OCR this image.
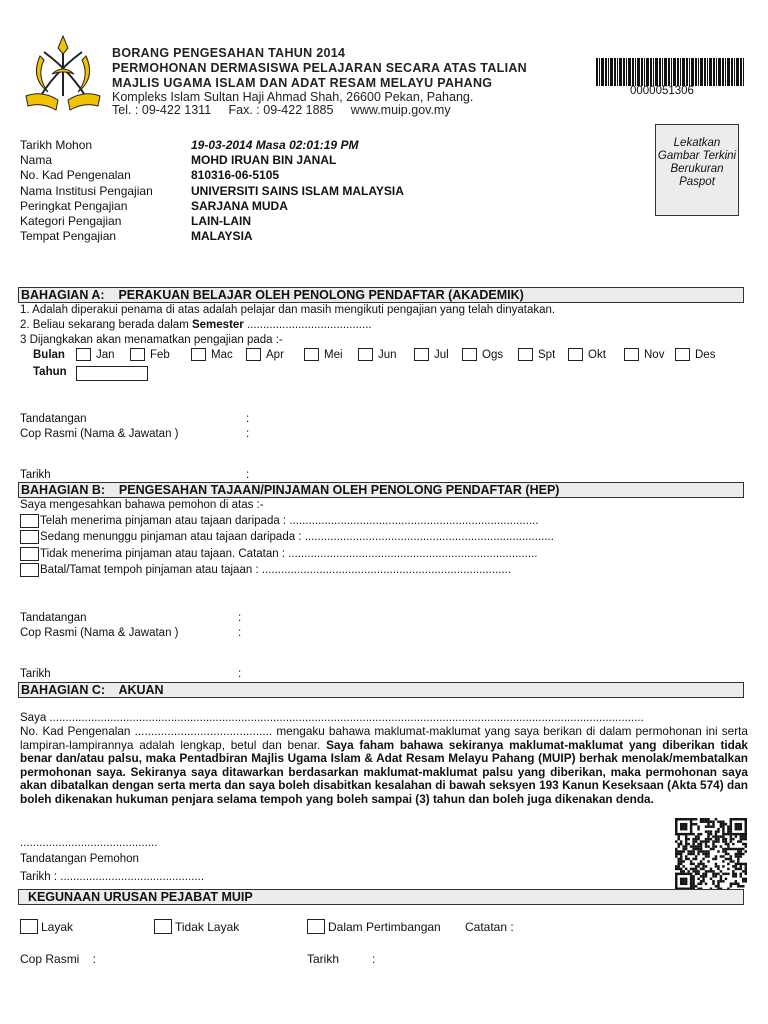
BORANG PENGESAHAN TAHUN 2014
PERMOHONAN DERMASISWA PELAJARAN SECARA ATAS TALIAN
MAJLIS UGAMA ISLAM DAN ADAT RESAM MELAYU PAHANG
Kompleks Islam Sultan Haji Ahmad Shah, 26600 Pekan, Pahang.
Tel. : 09-422 1311     Fax. : 09-422 1885     www.muip.gov.my
0000051306
Lekatkan Gambar Terkini Berukuran Paspot
Tarikh Mohon	19-03-2014 Masa 02:01:19 PM
Nama	MOHD IRUAN BIN JANAL
No. Kad Pengenalan	810316-06-5105
Nama Institusi Pengajian	UNIVERSITI SAINS ISLAM MALAYSIA
Peringkat Pengajian	SARJANA MUDA
Kategori Pengajian	LAIN-LAIN
Tempat Pengajian	MALAYSIA
BAHAGIAN A:    PERAKUAN BELAJAR OLEH PENOLONG PENDAFTAR (AKADEMIK)
1. Adalah diperakui penama di atas adalah pelajar dan masih mengikuti pengajian yang telah dinyatakan.
2. Beliau sekarang berada dalam Semester .......................................
3 Dijangkakan akan menamatkan pengajian pada :-
Bulan	Jan	Feb	Mac	Apr	Mei	Jun	Jul	Ogs	Spt	Okt	Nov	Des
Tahun
Tandatangan	:
Cop Rasmi (Nama & Jawatan )	:
Tarikh	:
BAHAGIAN B:    PENGESAHAN TAJAAN/PINJAMAN OLEH PENOLONG PENDAFTAR (HEP)
Saya mengesahkan bahawa pemohon di atas :-
Telah menerima pinjaman atau tajaan daripada : ..............................................................................
Sedang menunggu pinjaman atau tajaan daripada : ..............................................................................
Tidak menerima pinjaman atau tajaan. Catatan : ..............................................................................
Batal/Tamat tempoh pinjaman atau tajaan : ..............................................................................
Tandatangan	:
Cop Rasmi (Nama & Jawatan )	:
Tarikh	:
BAHAGIAN C:    AKUAN
Saya ..........................................................................................................................................................................................
No. Kad Pengenalan .......................................... mengaku bahawa maklumat-maklumat yang saya berikan di dalam permohonan ini serta lampiran-lampirannya adalah lengkap, betul dan benar. Saya faham bahawa sekiranya maklumat-maklumat yang diberikan tidak benar dan/atau palsu, maka Pentadbiran Majlis Ugama Islam & Adat Resam Melayu Pahang (MUIP) berhak menolak/membatalkan permohonan saya. Sekiranya saya ditawarkan berdasarkan maklumat-maklumat palsu yang diberikan, maka permohonan saya akan dibatalkan dengan serta merta dan saya boleh disabitkan kesalahan di bawah seksyen 193 Kanun Keseksaan (Akta 574) dan boleh dikenakan hukuman penjara selama tempoh yang boleh sampai (3) tahun dan boleh juga dikenakan denda.
...........................................
Tandatangan Pemohon
Tarikh : .............................................
KEGUNAAN URUSAN PEJABAT MUIP
Layak	Tidak Layak	Dalam Pertimbangan Catatan :
Cop Rasmi    :	Tarikh	:
